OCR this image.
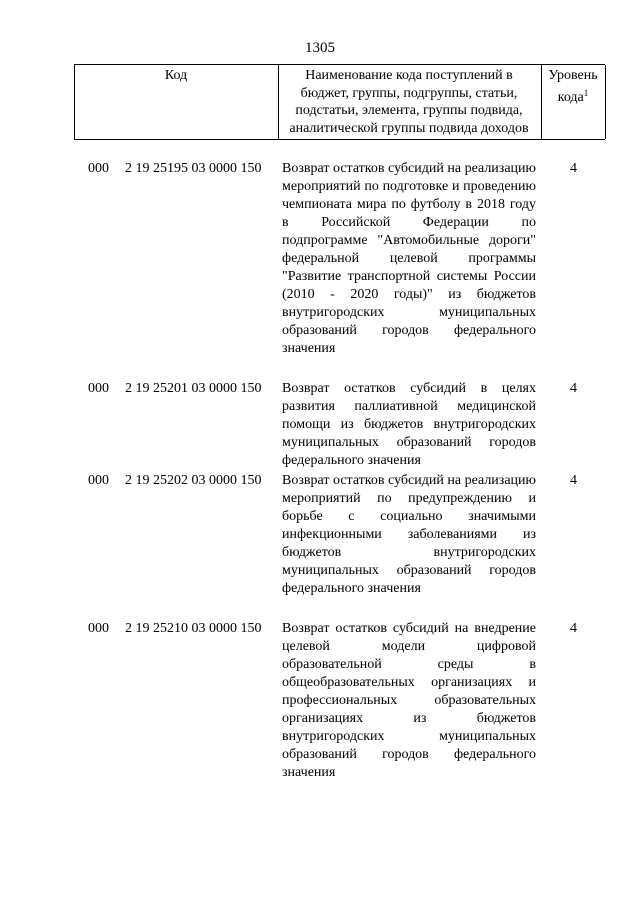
1305
Код	Наименование кода поступлений в бюджет, группы, подгруппы, статьи, подстатьи, элемента, группы подвида, аналитической группы подвида доходов
Уровень кода$^1$
000 2 19 25195 03 0000 150 Возврат остатков субсидий на реализацию мероприятий по подготовке и проведению чемпионата мира по футболу в 2018 году в Российской Федерации по подпрограмме "Автомобильные дороги" федеральной целевой программы "Развитие транспортной системы России (2010 - 2020 годы)" из бюджетов внутригородских муниципальных образований городов федерального значения
4
000 2 19 25201 03 0000 150 Возврат остатков субсидий в целях развития паллиативной медицинской помощи из бюджетов внутригородских муниципальных образований городов федерального значения
4
000 2 19 25202 03 0000 150 Возврат остатков субсидий на реализацию мероприятий по предупреждению и борьбе с социально значимыми инфекционными заболеваниями из бюджетов внутригородских муниципальных образований городов федерального значения
4
000 2 19 25210 03 0000 150 Возврат остатков субсидий на внедрение целевой модели цифровой образовательной среды в общеобразовательных организациях и профессиональных образовательных организациях из бюджетов внутригородских муниципальных образований городов федерального значения
4
